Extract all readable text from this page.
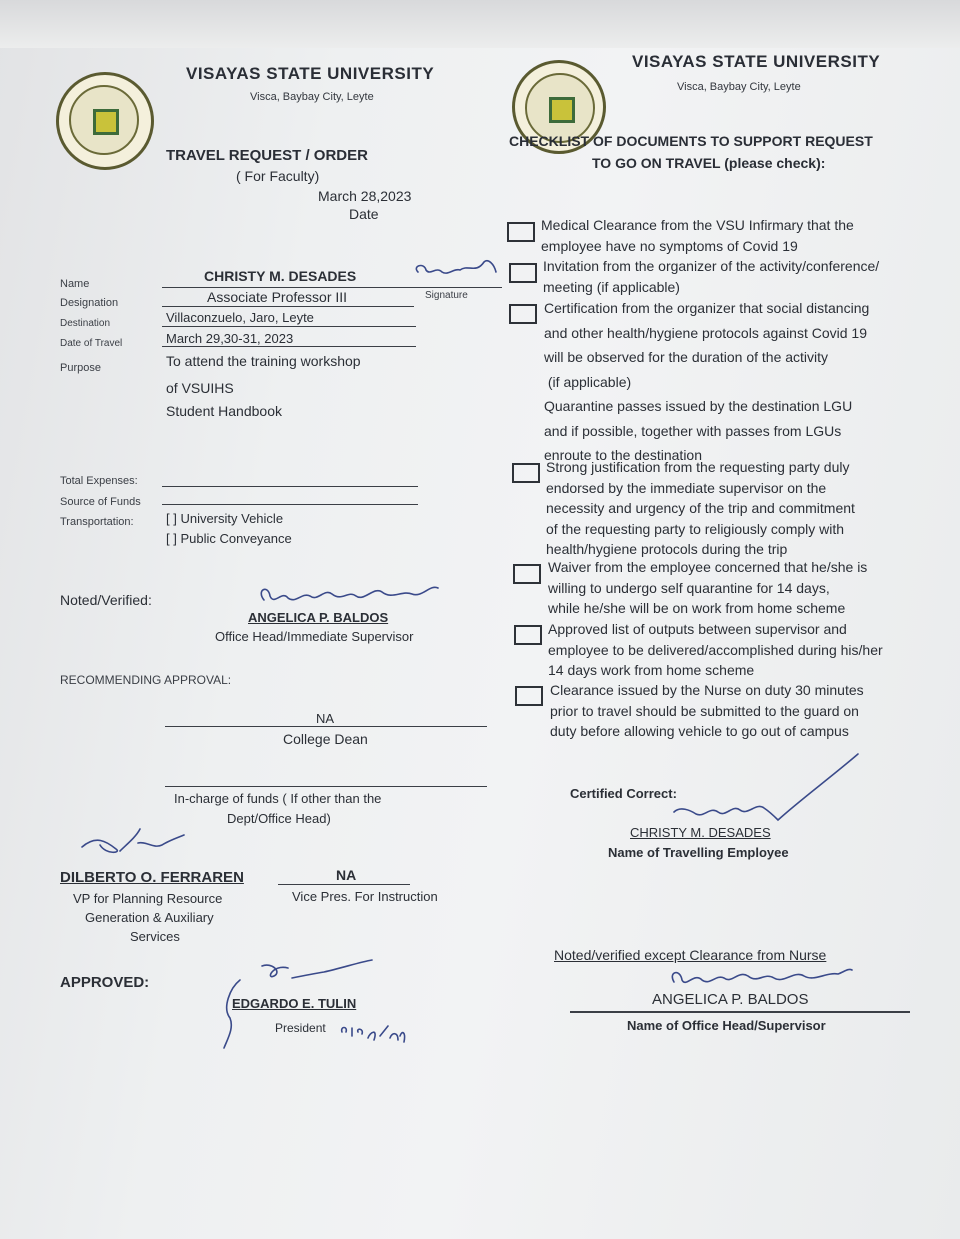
VISAYAS STATE UNIVERSITY
Visca, Baybay City, Leyte
TRAVEL REQUEST / ORDER
( For Faculty)
March 28,2023
Date
Name	CHRISTY M. DESADES
Signature
Designation	Associate Professor III
Destination	Villaconzuelo, Jaro, Leyte
Date of Travel	March 29,30-31, 2023
Purpose	To attend the training workshop
of VSUIHS
Student Handbook
Total Expenses:
Source of Funds
Transportation: [ ] University Vehicle
[ ] Public Conveyance
Noted/Verified:
ANGELICA P. BALDOS
Office Head/Immediate Supervisor
RECOMMENDING APPROVAL:
NA
College Dean
In-charge of funds ( If other than the
Dept/Office Head)
DILBERTO O. FERRAREN
VP for Planning Resource
Generation & Auxiliary
Services
NA
Vice Pres. For Instruction
APPROVED:
EDGARDO E. TULIN
President
VISAYAS STATE UNIVERSITY
Visca, Baybay City, Leyte
CHECKLIST OF DOCUMENTS TO SUPPORT REQUEST
TO GO ON TRAVEL (please check):
Medical Clearance from the VSU Infirmary that the
employee have no symptoms of Covid 19
Invitation from the organizer of the activity/conference/
meeting (if applicable)
Certification from the organizer that social distancing
and other health/hygiene protocols against Covid 19
will be observed for the duration of the activity
(if applicable)
Quarantine passes issued by the destination LGU
and if possible, together with passes from LGUs
enroute to the destination
Strong justification from the requesting party duly
endorsed by the immediate supervisor on the
necessity and urgency of the trip and commitment
of the requesting party to religiously comply with
health/hygiene protocols during the trip
Waiver from the employee concerned that he/she is
willing to undergo self quarantine for 14 days,
while he/she will be on work from home scheme
Approved list of outputs between supervisor and
employee to be delivered/accomplished during his/her
14 days work from home scheme
Clearance issued by the Nurse on duty 30 minutes
prior to travel should be submitted to the guard on
duty before allowing vehicle to go out of campus
Certified Correct:
CHRISTY M. DESADES
Name of Travelling Employee
Noted/verified except Clearance from Nurse
ANGELICA P. BALDOS
Name of Office Head/Supervisor
